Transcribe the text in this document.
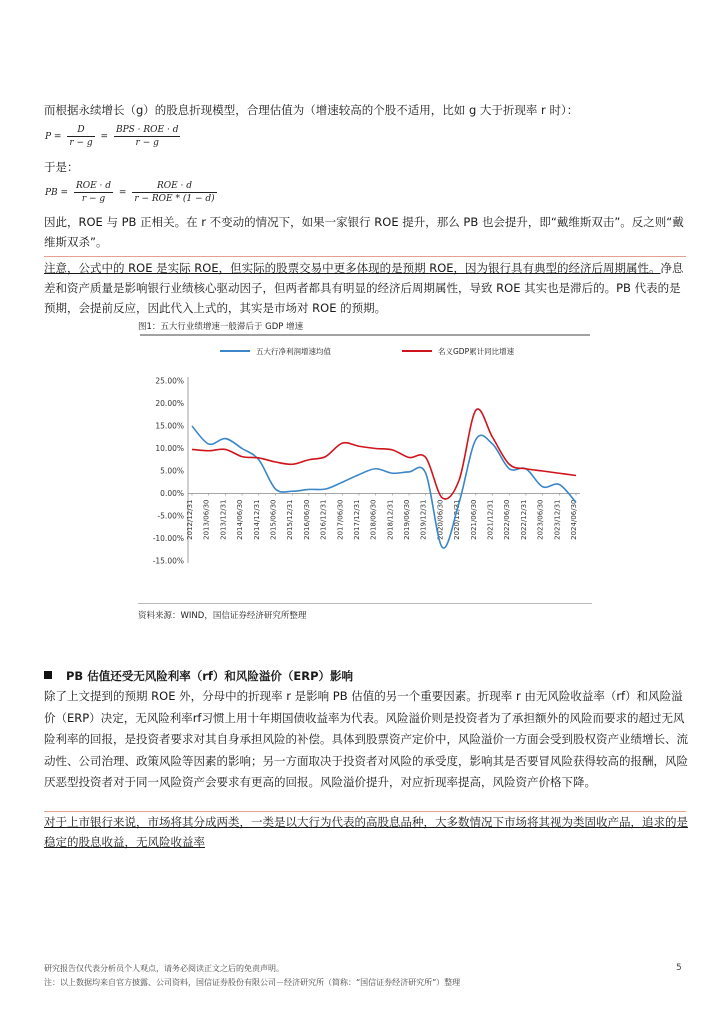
而根据永续增长（g）的股息折现模型，合理估值为（增速较高的个股不适用，比如 g 大于折现率 r 时）：
$P = \frac{D}{r - g} = \frac{\text{BPS · ROE · d}}{r - g}$
于是：
PB = $\frac{\text{ROE · d}}{r - g} = \frac{\text{ROE · d}}{\text{r − ROE * (1 − d)}}$
因此，ROE 与 PB 正相关。在 r 不变动的情况下，如果一家银行 ROE 提升，那么 PB 也会提升，即“戴维斯双击”。反之则“戴维斯双杀”。
注意，公式中的 ROE 是实际 ROE，但实际的股票交易中更多体现的是预期 ROE，因为银行具有典型的经济后周期属性。净息差和资产质量是影响银行业绩核心驱动因子，但两者都具有明显的经济后周期属性，导致 ROE 其实也是滞后的。PB 代表的是预期，会提前反应，因此代入上式的，其实是市场对 ROE 的预期。
图1：五大行业绩增速一般滞后于 GDP 增速
五大行净利润增速均值	名义GDP累计同比增速
25.00%
20.00%
15.00%
10.00%
5.00%
0.00%
-5.00%
-10.00%
-15.00%
2012/12/31 2013/06/30 2013/12/31 2014/06/30 2014/12/31 2015/06/30 2015/12/31 2016/06/30 2016/12/31 2017/06/30 2017/12/31 2018/06/30 2018/12/31 2019/06/30 2019/12/31 2020/06/30 2020/12/31 2021/06/30 2021/12/31 2022/06/30 2022/12/31 2023/06/30 2023/12/31 2024/06/30
资料来源：WIND，国信证券经济研究所整理
PB 估值还受无风险利率（rf）和风险溢价（ERP）影响
除了上文提到的预期 ROE 外，分母中的折现率 r 是影响 PB 估值的另一个重要因素。折现率 r 由无风险收益率（rf）和风险溢价（ERP）决定，无风险利率rf习惯上用十年期国债收益率为代表。风险溢价则是投资者为了承担额外的风险而要求的超过无风险利率的回报，是投资者要求对其自身承担风险的补偿。具体到股票资产定价中，风险溢价一方面会受到股权资产业绩增长、流动性、公司治理、政策风险等因素的影响；另一方面取决于投资者对风险的承受度，影响其是否要冒风险获得较高的报酬，风险厌恶型投资者对于同一风险资产会要求有更高的回报。风险溢价提升，对应折现率提高，风险资产价格下降。
对于上市银行来说，市场将其分成两类，一类是以大行为代表的高股息品种，大多数情况下市场将其视为类固收产品，追求的是稳定的股息收益，无风险收益率
研究报告仅代表分析员个人观点，请务必阅读正文之后的免责声明。
注：以上数据均来自官方披露、公司资料，国信证券股份有限公司－经济研究所（简称：“国信证券经济研究所”）整理
5
